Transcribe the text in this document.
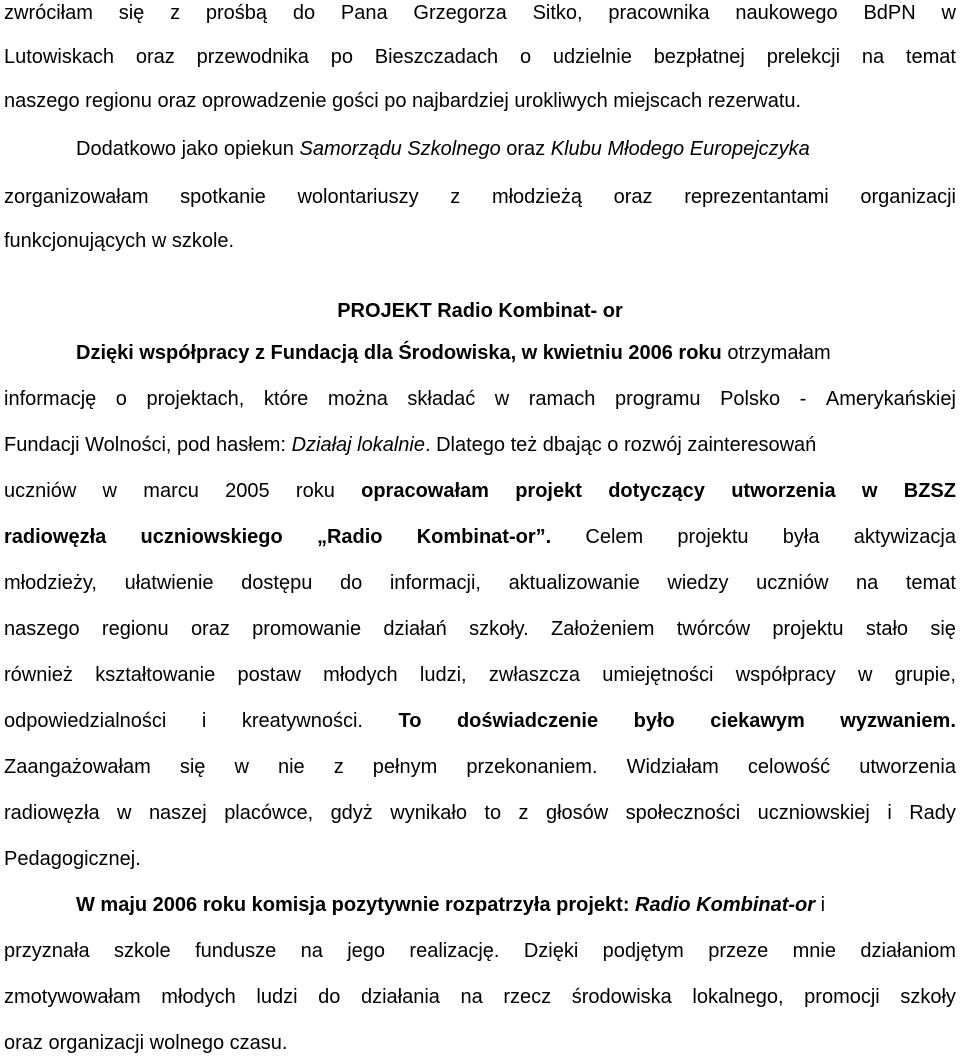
zwróciłam się z prośbą do Pana Grzegorza Sitko, pracownika naukowego BdPN w
Lutowiskach oraz przewodnika po Bieszczadach o udzielnie bezpłatnej prelekcji na temat
naszego regionu oraz oprowadzenie gości po najbardziej urokliwych miejscach rezerwatu.
Dodatkowo jako opiekun Samorządu Szkolnego oraz Klubu Młodego Europejczyka
zorganizowałam spotkanie wolontariuszy z młodzieżą oraz reprezentantami organizacji
funkcjonujących w szkole.
PROJEKT Radio Kombinat- or
Dzięki współpracy z Fundacją dla Środowiska, w kwietniu 2006 roku otrzymałam
informację o projektach, które można składać w ramach programu Polsko - Amerykańskiej
Fundacji Wolności, pod hasłem: Działaj lokalnie. Dlatego też dbając o rozwój zainteresowań
uczniów w marcu 2005 roku opracowałam projekt dotyczący utworzenia w BZSZ
radiowęzła uczniowskiego „Radio Kombinat-or”. Celem projektu była aktywizacja
młodzieży, ułatwienie dostępu do informacji, aktualizowanie wiedzy uczniów na temat
naszego regionu oraz promowanie działań szkoły. Założeniem twórców projektu stało się
również kształtowanie postaw młodych ludzi, zwłaszcza umiejętności współpracy w grupie,
odpowiedzialności i kreatywności. To doświadczenie było ciekawym wyzwaniem.
Zaangażowałam się w nie z pełnym przekonaniem. Widziałam celowość utworzenia
radiowęzła w naszej placówce, gdyż wynikało to z głosów społeczności uczniowskiej i Rady
Pedagogicznej.
W maju 2006 roku komisja pozytywnie rozpatrzyła projekt: Radio Kombinat-or i
przyznała szkole fundusze na jego realizację. Dzięki podjętym przeze mnie działaniom
zmotywowałam młodych ludzi do działania na rzecz środowiska lokalnego, promocji szkoły
oraz organizacji wolnego czasu.
